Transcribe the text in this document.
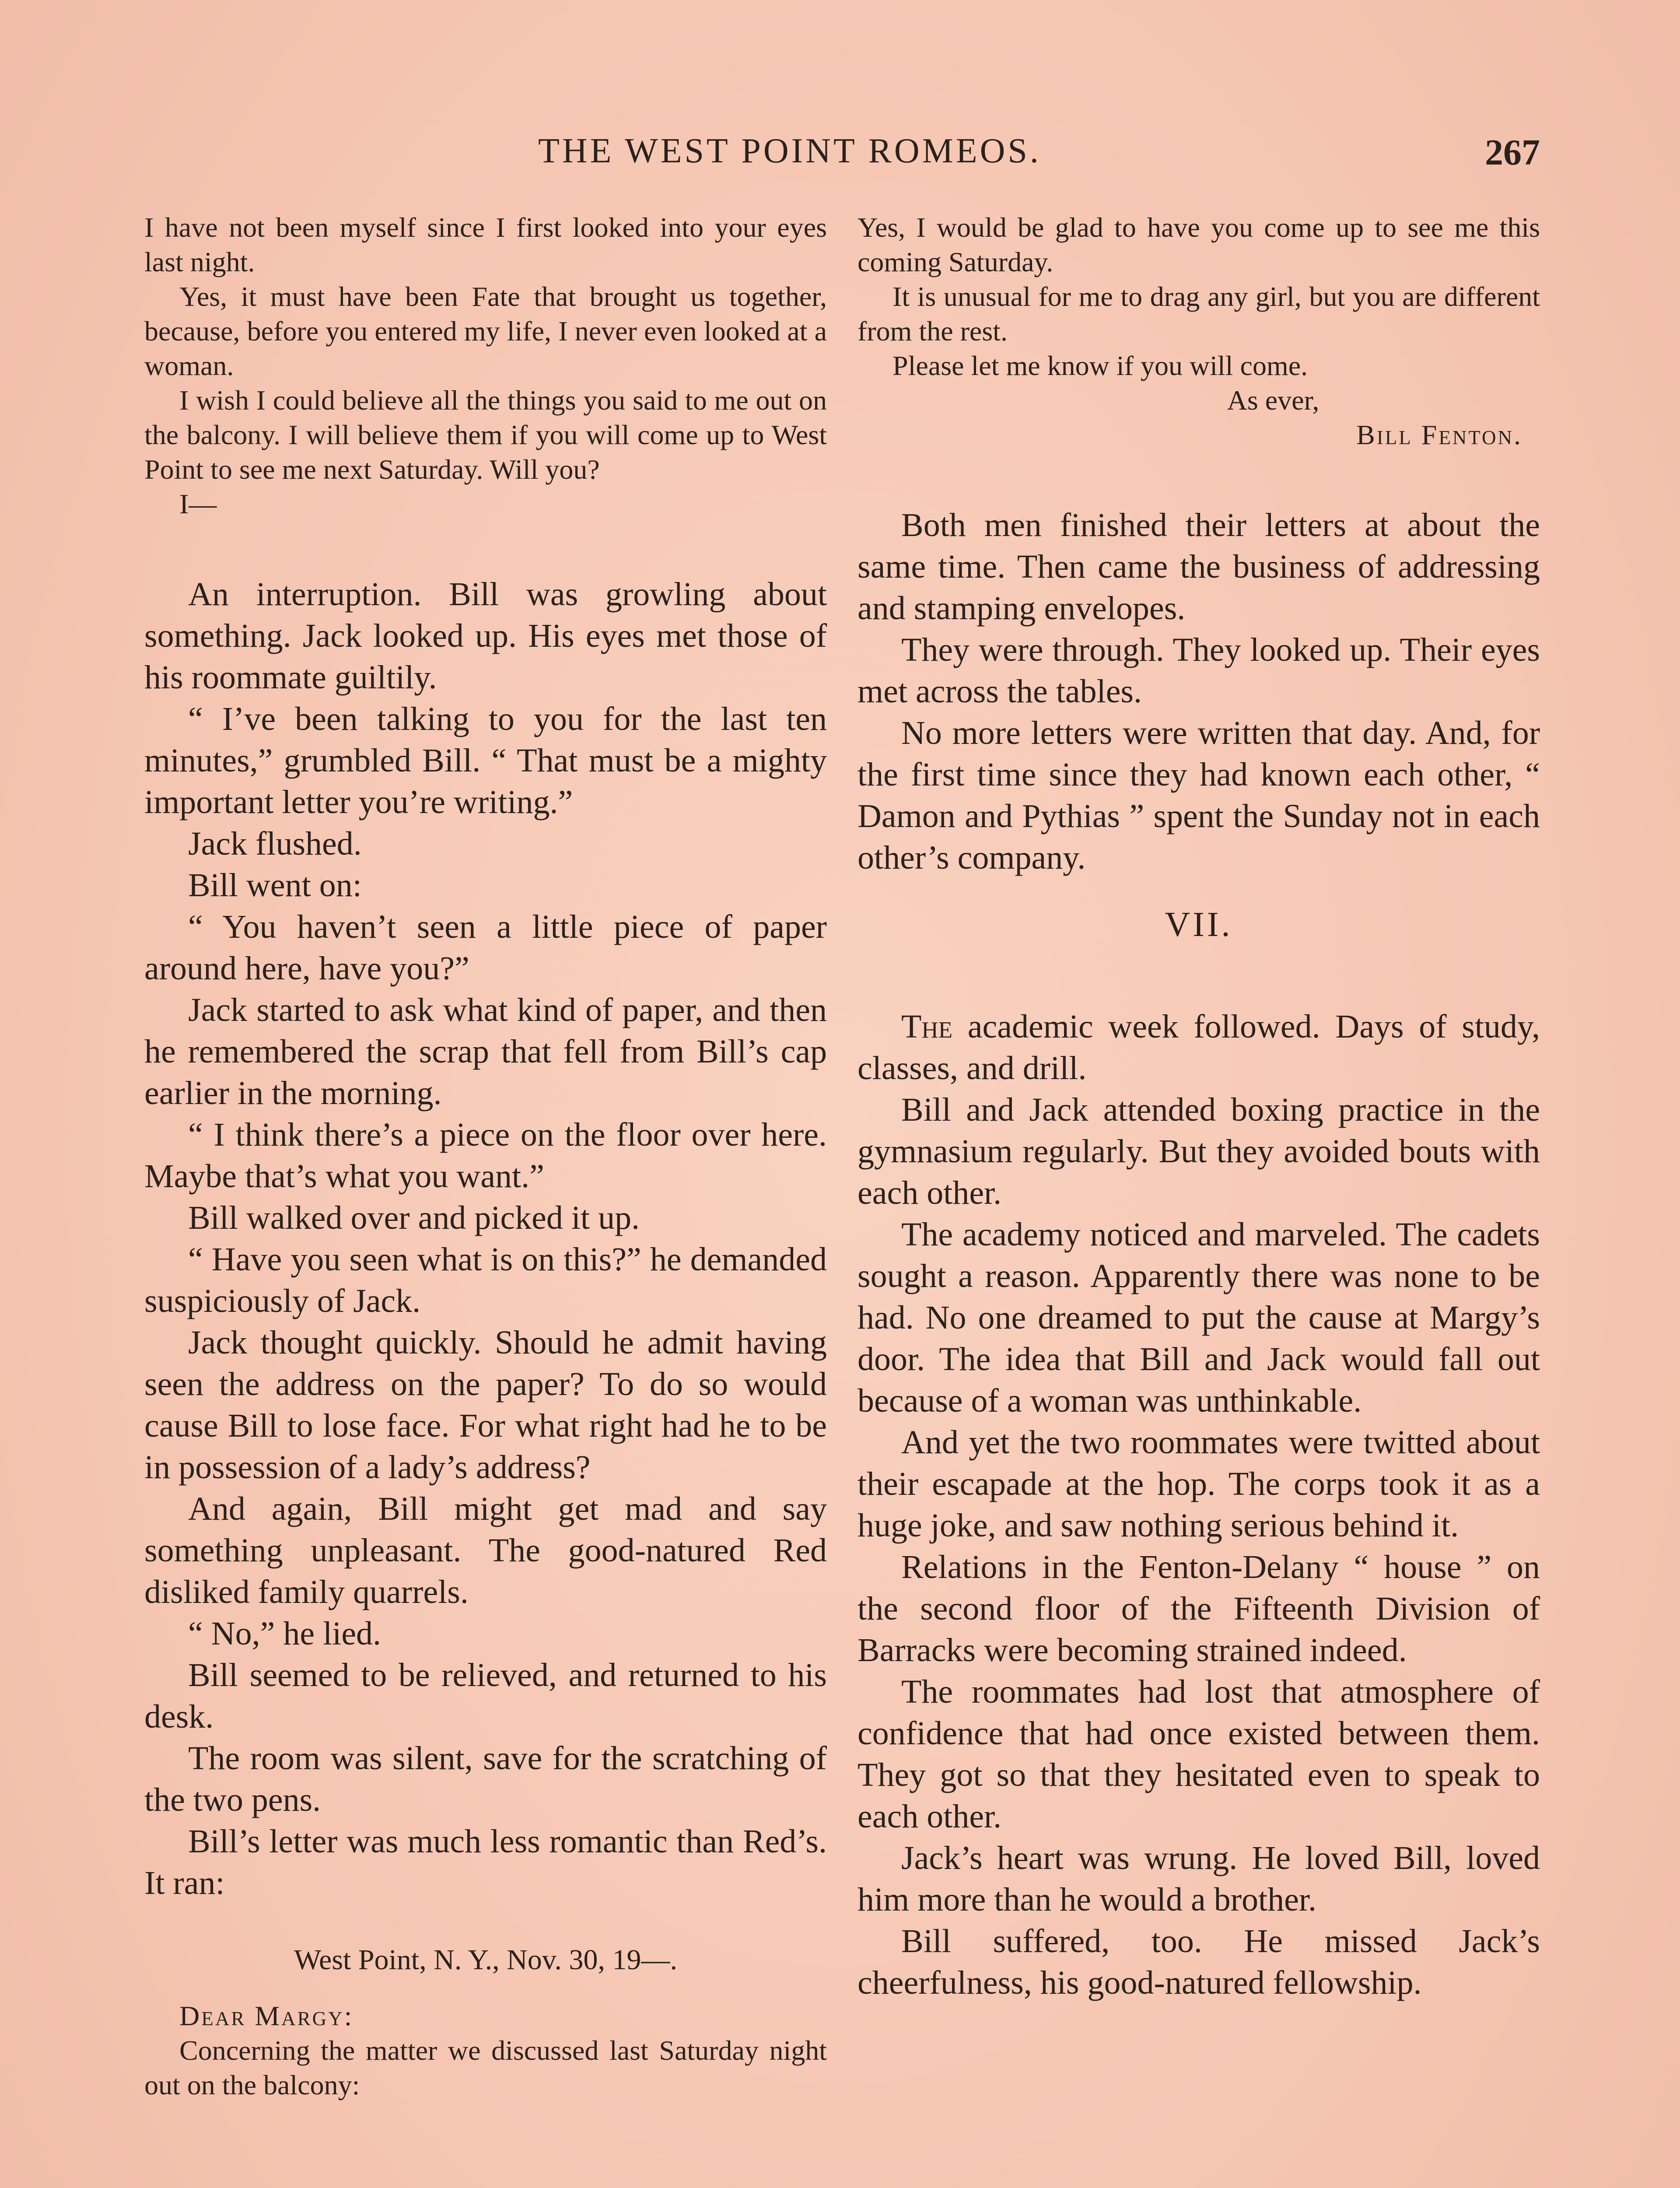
THE WEST POINT ROMEOS.	267

I have not been myself since I first looked into your eyes last night.

Yes, it must have been Fate that brought us together, because, before you entered my life, I never even looked at a woman.

I wish I could believe all the things you said to me out on the balcony. I will believe them if you will come up to West Point to see me next Saturday. Will you?

I—

An interruption. Bill was growling about something. Jack looked up. His eyes met those of his roommate guiltily.

“ I’ve been talking to you for the last ten minutes,” grumbled Bill. “ That must be a mighty important letter you’re writing.”

Jack flushed.

Bill went on:

“ You haven’t seen a little piece of paper around here, have you?”

Jack started to ask what kind of paper, and then he remembered the scrap that fell from Bill’s cap earlier in the morning.

“ I think there’s a piece on the floor over here. Maybe that’s what you want.”

Bill walked over and picked it up.

“ Have you seen what is on this?” he demanded suspiciously of Jack.

Jack thought quickly. Should he admit having seen the address on the paper? To do so would cause Bill to lose face. For what right had he to be in possession of a lady’s address?

And again, Bill might get mad and say something unpleasant. The good-natured Red disliked family quarrels.

“ No,” he lied.

Bill seemed to be relieved, and returned to his desk.

The room was silent, save for the scratching of the two pens.

Bill’s letter was much less romantic than Red’s. It ran:

West Point, N. Y., Nov. 30, 19—.

Dear Margy:

Concerning the matter we discussed last Saturday night out on the balcony:

Yes, I would be glad to have you come up to see me this coming Saturday.

It is unusual for me to drag any girl, but you are different from the rest.

Please let me know if you will come.

As ever,

Bill Fenton.

Both men finished their letters at about the same time. Then came the business of addressing and stamping envelopes.

They were through. They looked up. Their eyes met across the tables.

No more letters were written that day. And, for the first time since they had known each other, “ Damon and Pythias ” spent the Sunday not in each other’s company.

VII.

The academic week followed. Days of study, classes, and drill.

Bill and Jack attended boxing practice in the gymnasium regularly. But they avoided bouts with each other.

The academy noticed and marveled. The cadets sought a reason. Apparently there was none to be had. No one dreamed to put the cause at Margy’s door. The idea that Bill and Jack would fall out because of a woman was unthinkable.

And yet the two roommates were twitted about their escapade at the hop. The corps took it as a huge joke, and saw nothing serious behind it.

Relations in the Fenton-Delany “ house ” on the second floor of the Fifteenth Division of Barracks were becoming strained indeed.

The roommates had lost that atmosphere of confidence that had once existed between them. They got so that they hesitated even to speak to each other.

Jack’s heart was wrung. He loved Bill, loved him more than he would a brother.

Bill suffered, too. He missed Jack’s cheerfulness, his good-natured fellowship.
